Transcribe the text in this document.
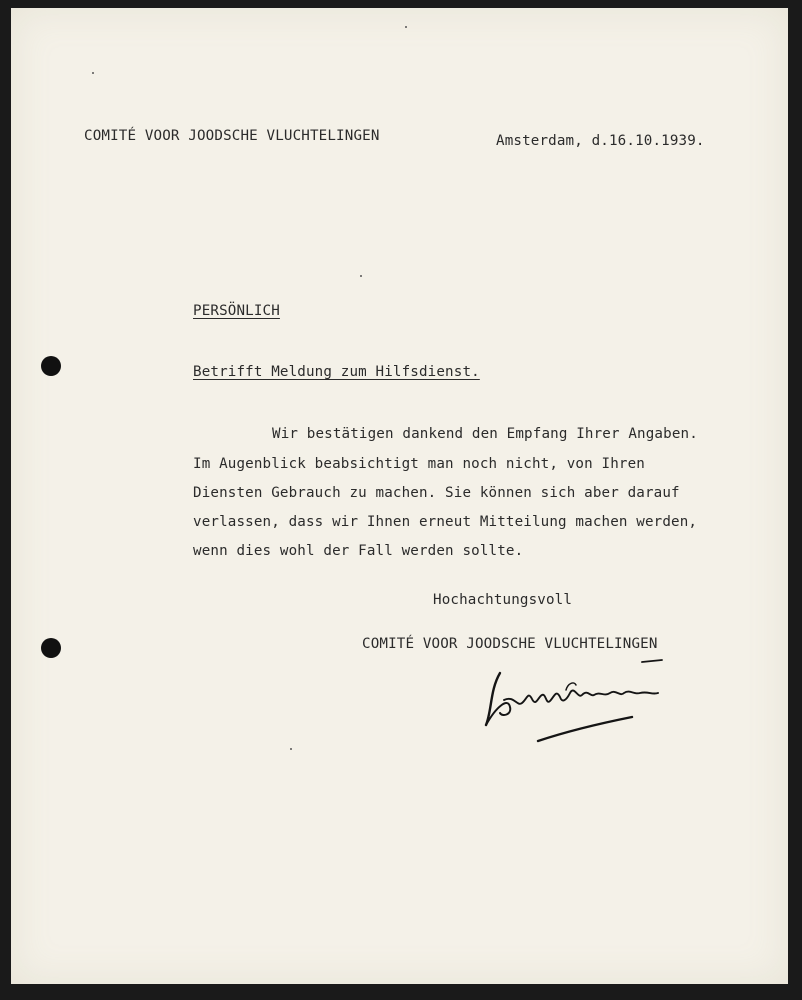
COMITÉ VOOR JOODSCHE VLUCHTELINGEN	Amsterdam, d.16.10.1939.
PERSÖNLICH
Betrifft Meldung zum Hilfsdienst.
Wir bestätigen dankend den Empfang Ihrer Angaben.
Im Augenblick beabsichtigt man noch nicht, von Ihren
Diensten Gebrauch zu machen. Sie können sich aber darauf
verlassen, dass wir Ihnen erneut Mitteilung machen werden,
wenn dies wohl der Fall werden sollte.
Hochachtungsvoll
COMITÉ VOOR JOODSCHE VLUCHTELINGEN
